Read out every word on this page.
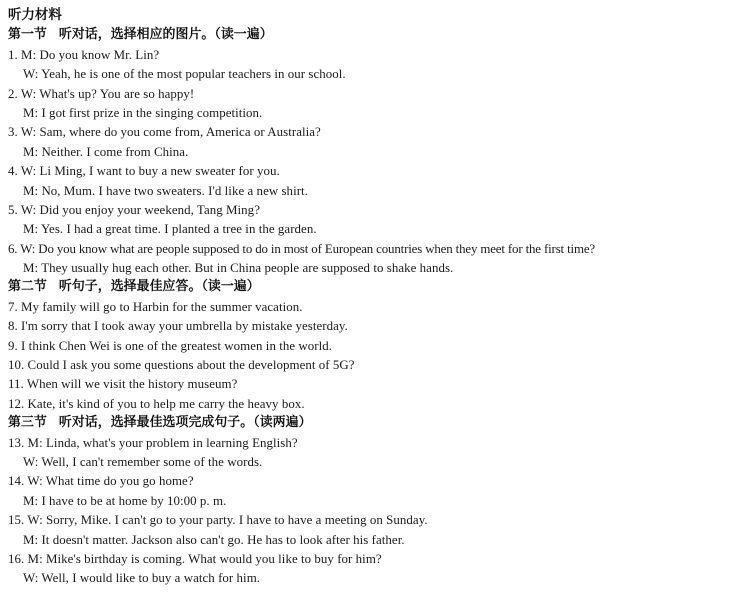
听力材料
第一节 听对话，选择相应的图片。（读一遍）
1. M: Do you know Mr. Lin?
W: Yeah, he is one of the most popular teachers in our school.
2. W: What's up? You are so happy!
M: I got first prize in the singing competition.
3. W: Sam, where do you come from, America or Australia?
M: Neither. I come from China.
4. W: Li Ming, I want to buy a new sweater for you.
M: No, Mum. I have two sweaters. I'd like a new shirt.
5. W: Did you enjoy your weekend, Tang Ming?
M: Yes. I had a great time. I planted a tree in the garden.
6. W: Do you know what are people supposed to do in most of European countries when they meet for the first time?
M: They usually hug each other. But in China people are supposed to shake hands.
第二节 听句子，选择最佳应答。（读一遍）
7. My family will go to Harbin for the summer vacation.
8. I'm sorry that I took away your umbrella by mistake yesterday.
9. I think Chen Wei is one of the greatest women in the world.
10. Could I ask you some questions about the development of 5G?
11. When will we visit the history museum?
12. Kate, it's kind of you to help me carry the heavy box.
第三节 听对话，选择最佳选项完成句子。（读两遍）
13. M: Linda, what's your problem in learning English?
W: Well, I can't remember some of the words.
14. W: What time do you go home?
M: I have to be at home by 10:00 p. m.
15. W: Sorry, Mike. I can't go to your party. I have to have a meeting on Sunday.
M: It doesn't matter. Jackson also can't go. He has to look after his father.
16. M: Mike's birthday is coming. What would you like to buy for him?
W: Well, I would like to buy a watch for him.
